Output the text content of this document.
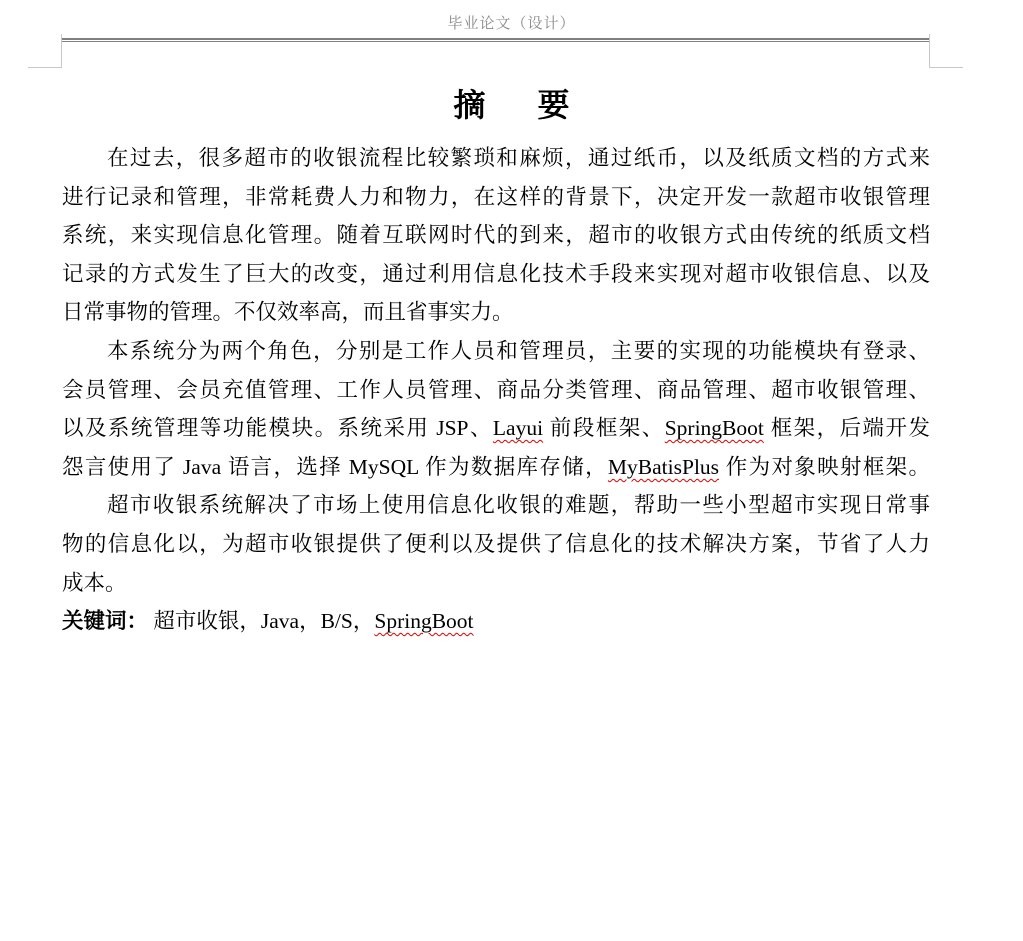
毕业论文（设计）
摘 要
在过去，很多超市的收银流程比较繁琐和麻烦，通过纸币，以及纸质文档的方式来
进行记录和管理，非常耗费人力和物力，在这样的背景下，决定开发一款超市收银管理
系统，来实现信息化管理。随着互联网时代的到来，超市的收银方式由传统的纸质文档
记录的方式发生了巨大的改变，通过利用信息化技术手段来实现对超市收银信息、以及
日常事物的管理。不仅效率高，而且省事实力。
本系统分为两个角色，分别是工作人员和管理员，主要的实现的功能模块有登录、
会员管理、会员充值管理、工作人员管理、商品分类管理、商品管理、超市收银管理、
以及系统管理等功能模块。系统采用 JSP、Layui 前段框架、SpringBoot 框架，后端开发
怨言使用了 Java 语言，选择 MySQL 作为数据库存储，MyBatisPlus 作为对象映射框架。
超市收银系统解决了市场上使用信息化收银的难题，帮助一些小型超市实现日常事
物的信息化以，为超市收银提供了便利以及提供了信息化的技术解决方案，节省了人力
成本。
关键词： 超市收银，Java，B/S，SpringBoot
